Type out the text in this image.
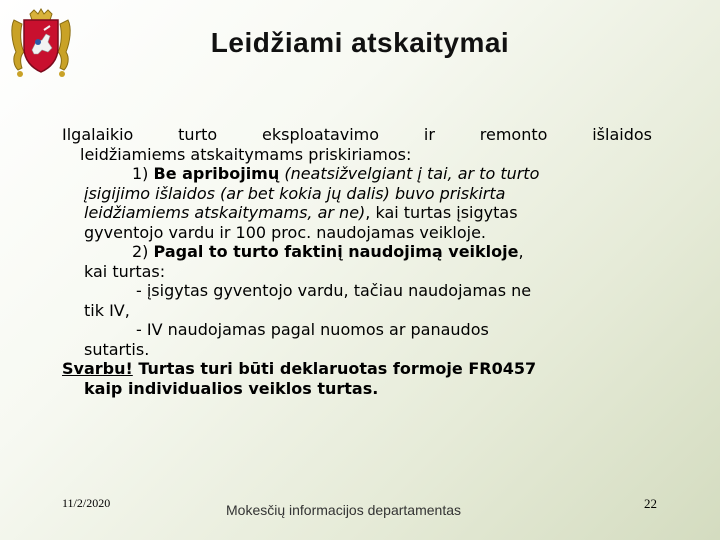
Leidžiami atskaitymai
Ilgalaikio turto eksploatavimo ir remonto išlaidos
leidžiamiems atskaitymams priskiriamos:
1) Be apribojimų (neatsižvelgiant į tai, ar to turto
įsigijimo išlaidos (ar bet kokia jų dalis) buvo priskirta
leidžiamiems atskaitymams, ar ne), kai turtas įsigytas
gyventojo vardu ir 100 proc. naudojamas veikloje.
2) Pagal to turto faktinį naudojimą veikloje,
kai turtas:
- įsigytas gyventojo vardu, tačiau naudojamas ne
tik IV,
- IV naudojamas pagal nuomos ar panaudos
sutartis.
Svarbu! Turtas turi būti deklaruotas formoje FR0457
kaip individualios veiklos turtas.
11/2/2020	Mokesčių informacijos departamentas	22
